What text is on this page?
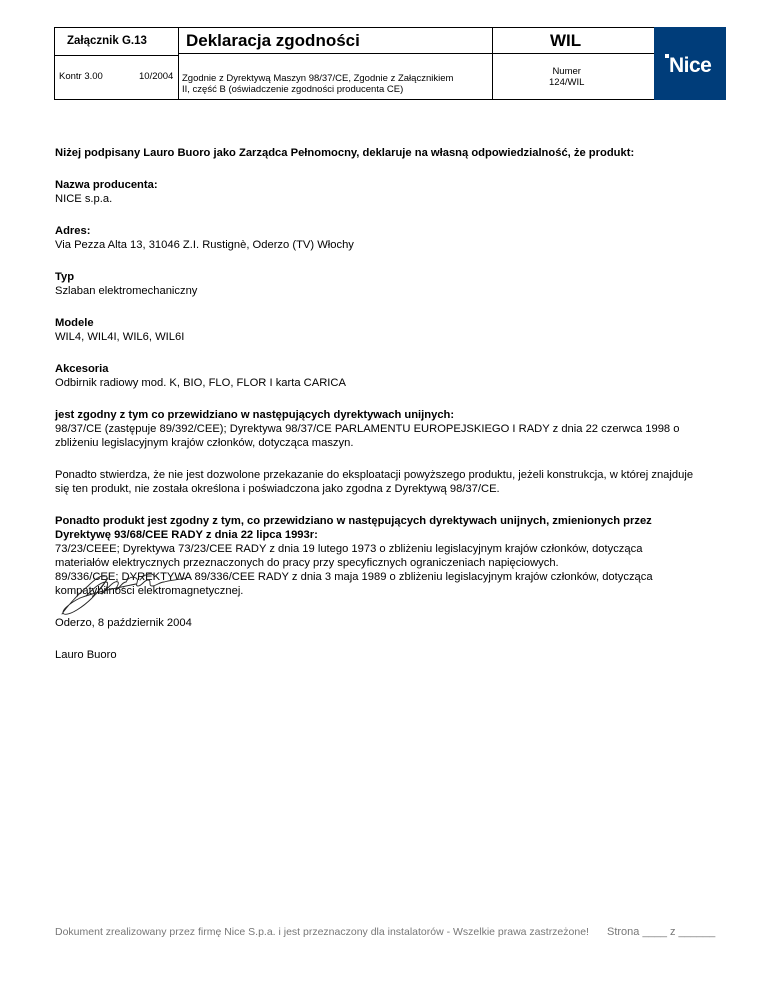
Załącznik G.13 Deklaracja zgodności	WIL
Kontr 3.00	10/2004 Zgodnie z Dyrektywą Maszyn 98/37/CE, Zgodnie z Załącznikiem
II, część B (oświadczenie zgodności producenta CE)
Numer
124/WIL
Nice
Niżej podpisany Lauro Buoro jako Zarządca Pełnomocny, deklaruje na własną odpowiedzialność, że produkt:

Nazwa producenta:

NICE s.p.a.

Adres:

Via Pezza Alta 13, 31046 Z.I. Rustignè, Oderzo (TV) Włochy

Typ

Szlaban elektromechaniczny

Modele

WIL4, WIL4I, WIL6, WIL6I

Akcesoria

Odbirnik radiowy mod. K, BIO, FLO, FLOR I karta CARICA

jest zgodny z tym co przewidziano w następujących dyrektywach unijnych:

98/37/CE (zastępuje 89/392/CEE); Dyrektywa 98/37/CE PARLAMENTU EUROPEJSKIEGO I RADY z dnia 22 czerwca 1998 o

zbliżeniu legislacyjnym krajów członków, dotycząca maszyn.

Ponadto stwierdza, że nie jest dozwolone przekazanie do eksploatacji powyższego produktu, jeżeli konstrukcja, w której znajduje

się ten produkt, nie została określona i poświadczona jako zgodna z Dyrektywą 98/37/CE.

Ponadto produkt jest zgodny z tym, co przewidziano w następujących dyrektywach unijnych, zmienionych przez

Dyrektywę 93/68/CEE RADY z dnia 22 lipca 1993r:

73/23/CEEE; Dyrektywa 73/23/CEE RADY z dnia 19 lutego 1973 o zbliżeniu legislacyjnym krajów członków, dotycząca

materiałów elektrycznych przeznaczonych do pracy przy specyficznych ograniczeniach napięciowych.

89/336/CEE; DYREKTYWA 89/336/CEE RADY z dnia 3 maja 1989 o zbliżeniu legislacyjnym krajów członków, dotycząca

kompatybilności elektromagnetycznej.

Oderzo, 8 październik 2004
Lauro Buoro
Dokument zrealizowany przez firmę Nice S.p.a. i jest przeznaczony dla instalatorów - Wszelkie prawa zastrzeżone! Strona ____ z ______
